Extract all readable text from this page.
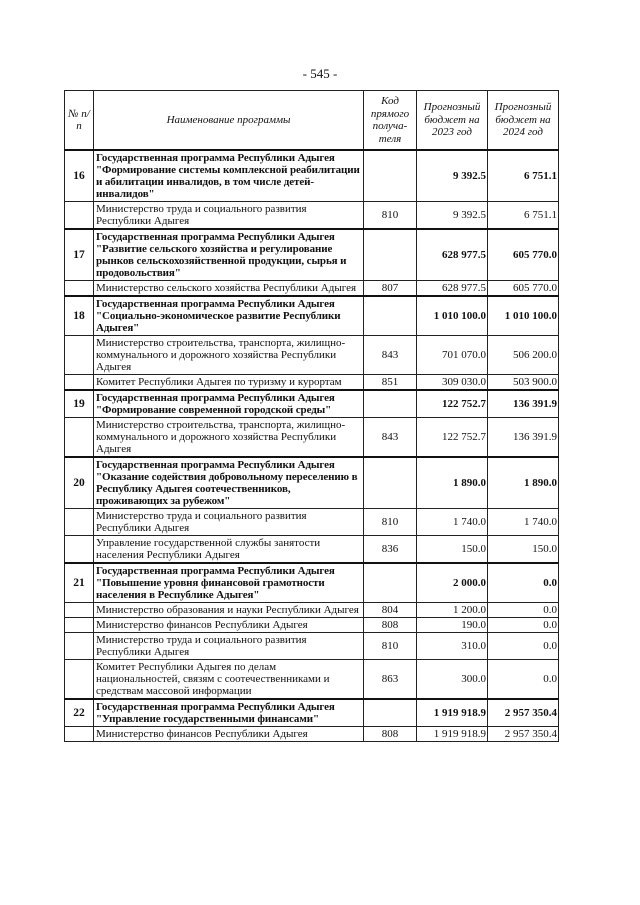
- 545 -
№ п/п	Наименование программы	Код прямого получа-теля	Прогнозный бюджет на 2023 год	Прогнозный бюджет на 2024 год
16	Государственная программа Республики Адыгея "Формирование системы комплексной реабилитации и абилитации инвалидов, в том числе детей-инвалидов"		9 392.5	6 751.1
	Министерство труда и социального развития Республики Адыгея	810	9 392.5	6 751.1
17	Государственная программа Республики Адыгея "Развитие сельского хозяйства и регулирование рынков сельскохозяйственной продукции, сырья и продовольствия"		628 977.5	605 770.0
	Министерство сельского хозяйства Республики Адыгея	807	628 977.5	605 770.0
18	Государственная программа Республики Адыгея "Социально-экономическое развитие Республики Адыгея"		1 010 100.0	1 010 100.0
	Министерство строительства, транспорта, жилищно-коммунального и дорожного хозяйства Республики Адыгея	843	701 070.0	506 200.0
	Комитет Республики Адыгея по туризму и курортам	851	309 030.0	503 900.0
19	Государственная программа Республики Адыгея "Формирование современной городской среды"		122 752.7	136 391.9
	Министерство строительства, транспорта, жилищно-коммунального и дорожного хозяйства Республики Адыгея	843	122 752.7	136 391.9
20	Государственная программа Республики Адыгея "Оказание содействия добровольному переселению в Республику Адыгея соотечественников, проживающих за рубежом"		1 890.0	1 890.0
	Министерство труда и социального развития Республики Адыгея	810	1 740.0	1 740.0
	Управление государственной службы занятости населения Республики Адыгея	836	150.0	150.0
21	Государственная программа Республики Адыгея "Повышение уровня финансовой грамотности населения в Республике Адыгея"		2 000.0	0.0
	Министерство образования и науки Республики Адыгея	804	1 200.0	0.0
	Министерство финансов Республики Адыгея	808	190.0	0.0
	Министерство труда и социального развития Республики Адыгея	810	310.0	0.0
	Комитет Республики Адыгея по делам национальностей, связям с соотечественниками и средствам массовой информации	863	300.0	0.0
22	Государственная программа Республики Адыгея "Управление государственными финансами"		1 919 918.9	2 957 350.4
	Министерство финансов Республики Адыгея	808	1 919 918.9	2 957 350.4
